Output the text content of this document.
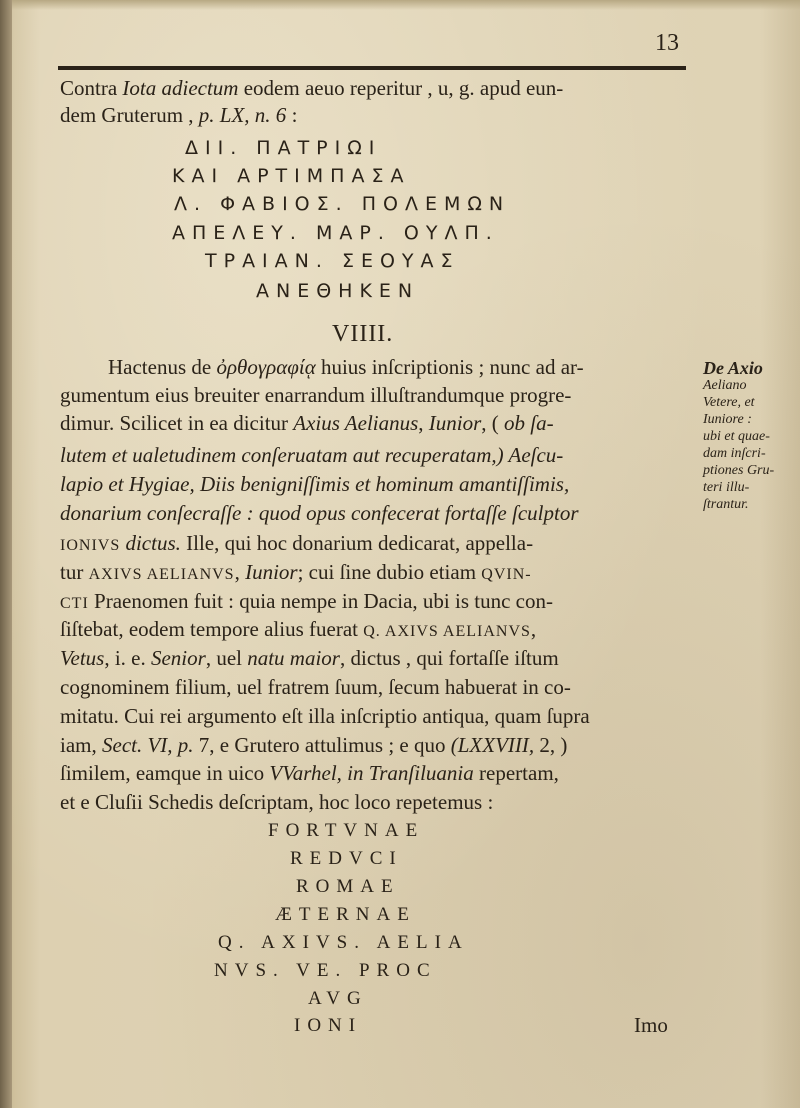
13
Contra Iota adiectum eodem aeuo reperitur , u, g. apud eun-
dem Gruterum , p. LX, n. 6 :
ΔΙΙ. ΠΑΤΡΙΩΙ
ΚΑΙ ΑΡΤΙΜΠΑΣΑ
Λ. ΦΑΒΙΟΣ. ΠΟΛΕΜΩΝ
ΑΠΕΛΕΥ. ΜΑΡ. ΟΥΛΠ.
ΤΡΑΙΑΝ. ΣΕΟΥΑΣ
ΑΝΕΘΗΚΕΝ
VIIII.
Hactenus de ὀρθογραφίᾳ huius inſcriptionis ; nunc ad ar-
gumentum eius breuiter enarrandum illuſtrandumque progre-
dimur. Scilicet in ea dicitur Axius Aelianus, Iunior, ( ob ſa-
lutem et ualetudinem conſeruatam aut recuperatam,) Aeſcu-
lapio et Hygiae, Diis benigniſſimis et hominum amantiſſimis,
donarium conſecraſſe : quod opus confecerat fortaſſe ſculptor
IONIVS dictus. Ille, qui hoc donarium dedicarat, appella-
tur AXIVS AELIANVS, Iunior; cui ſine dubio etiam QVIN-
CTI Praenomen fuit : quia nempe in Dacia, ubi is tunc con-
ſiſtebat, eodem tempore alius fuerat Q. AXIVS AELIANVS,
Vetus, i. e. Senior, uel natu maior, dictus , qui fortaſſe iſtum
cognominem filium, uel fratrem ſuum, ſecum habuerat in co-
mitatu. Cui rei argumento eſt illa inſcriptio antiqua, quam ſupra
iam, Sect. VI, p. 7, e Grutero attulimus ; e quo (LXXVIII, 2, )
ſimilem, eamque in uico VVarhel, in Tranſiluania repertam,
et e Cluſii Schedis deſcriptam, hoc loco repetemus :
FORTVNAE
REDVCI
ROMAE
ÆTERNAE
Q. AXIVS. AELIA
NVS. VE. PROC
AVG
IONI	Imo
De Axio
Aeliano
Vetere, et
Iuniore :
ubi et quae-
dam inſcri-
ptiones Gru-
teri illu-
ſtrantur.
